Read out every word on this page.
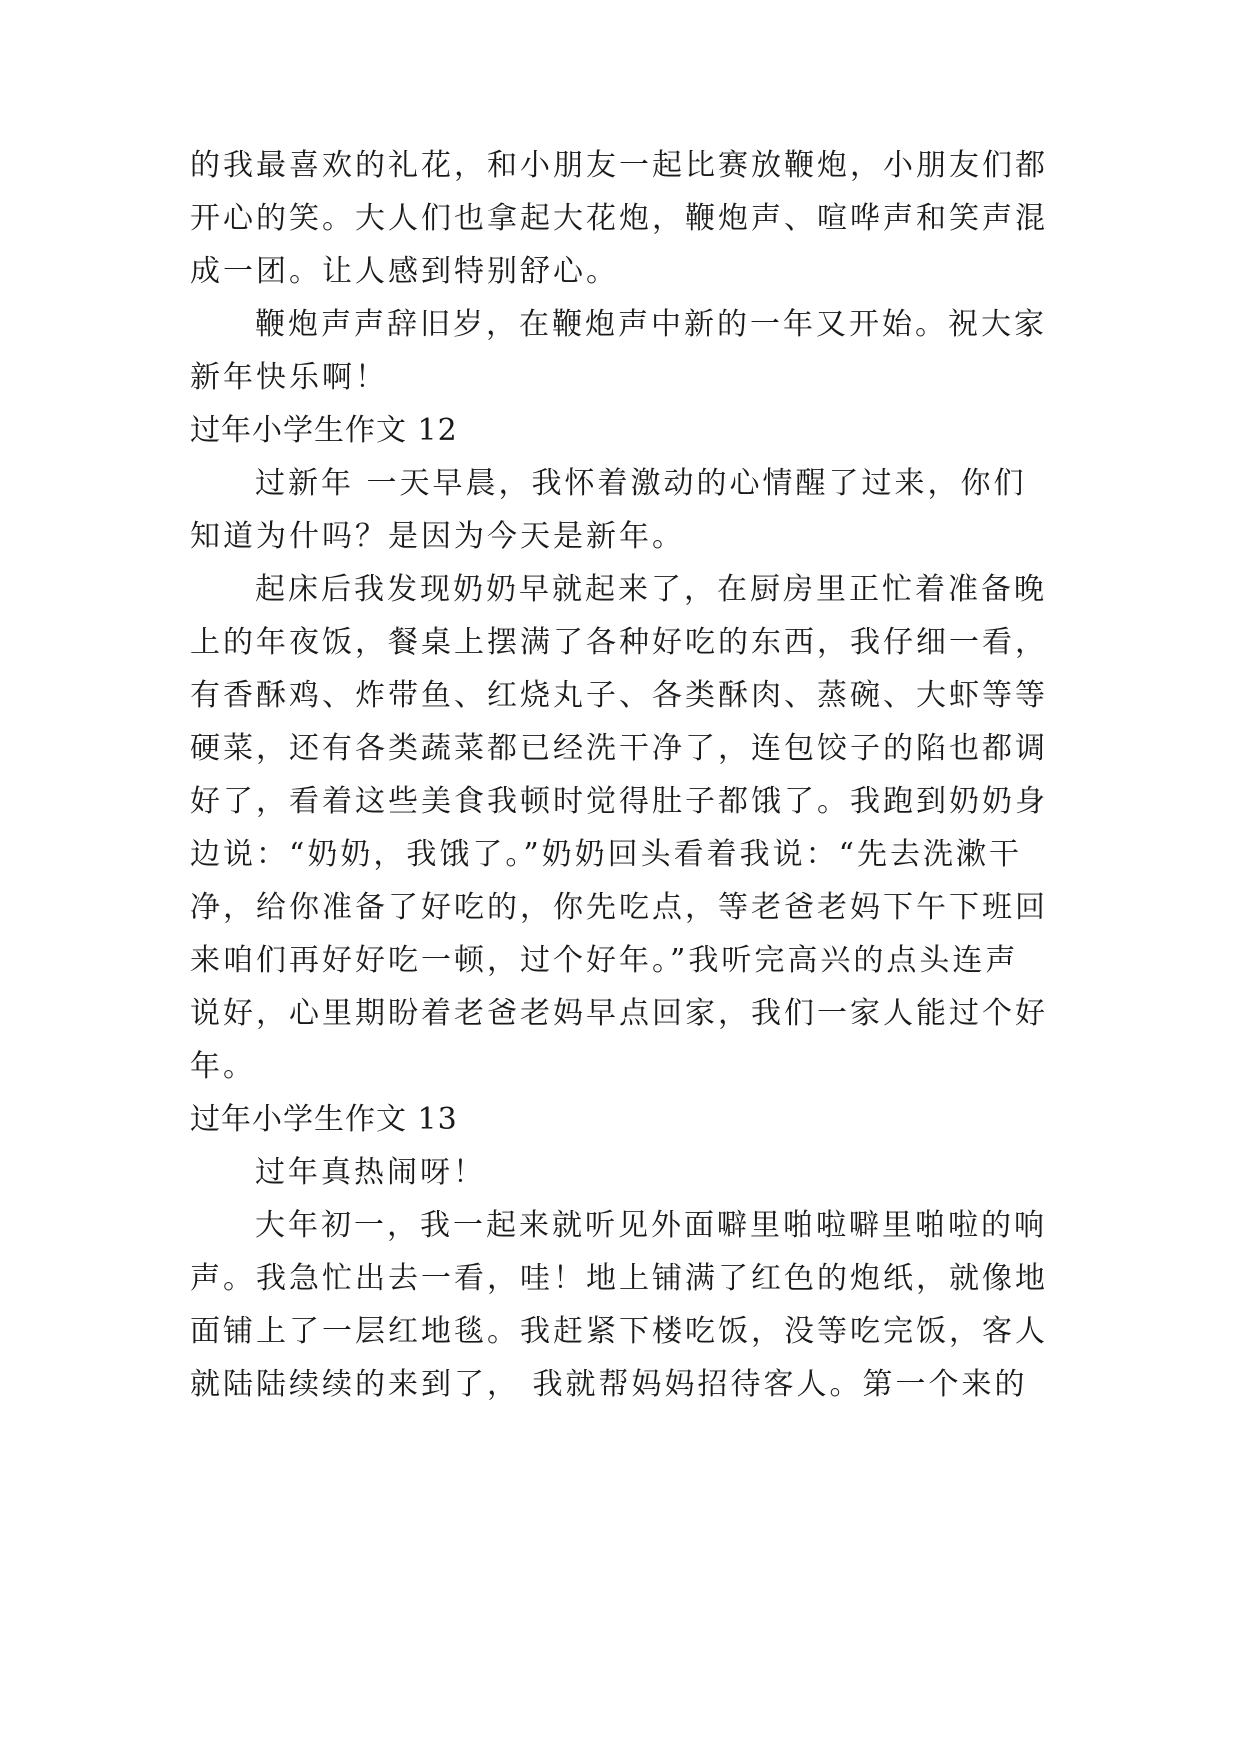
的我最喜欢的礼花，和小朋友一起比赛放鞭炮，小朋友们都
开心的笑。大人们也拿起大花炮，鞭炮声、喧哗声和笑声混
成一团。让人感到特别舒心。
鞭炮声声辞旧岁，在鞭炮声中新的一年又开始。祝大家
新年快乐啊！
过年小学生作文 12
过新年 一天早晨，我怀着激动的心情醒了过来，你们
知道为什吗？是因为今天是新年。
起床后我发现奶奶早就起来了，在厨房里正忙着准备晚
上的年夜饭，餐桌上摆满了各种好吃的东西，我仔细一看，
有香酥鸡、炸带鱼、红烧丸子、各类酥肉、蒸碗、大虾等等
硬菜，还有各类蔬菜都已经洗干净了，连包饺子的陷也都调
好了，看着这些美食我顿时觉得肚子都饿了。我跑到奶奶身
边说：“奶奶，我饿了。”奶奶回头看着我说：“先去洗漱干
净，给你准备了好吃的，你先吃点，等老爸老妈下午下班回
来咱们再好好吃一顿，过个好年。”我听完高兴的点头连声
说好，心里期盼着老爸老妈早点回家，我们一家人能过个好
年。
过年小学生作文 13
过年真热闹呀！
大年初一，我一起来就听见外面噼里啪啦噼里啪啦的响
声。我急忙出去一看，哇！地上铺满了红色的炮纸，就像地
面铺上了一层红地毯。我赶紧下楼吃饭，没等吃完饭，客人
就陆陆续续的来到了， 我就帮妈妈招待客人。第一个来的
